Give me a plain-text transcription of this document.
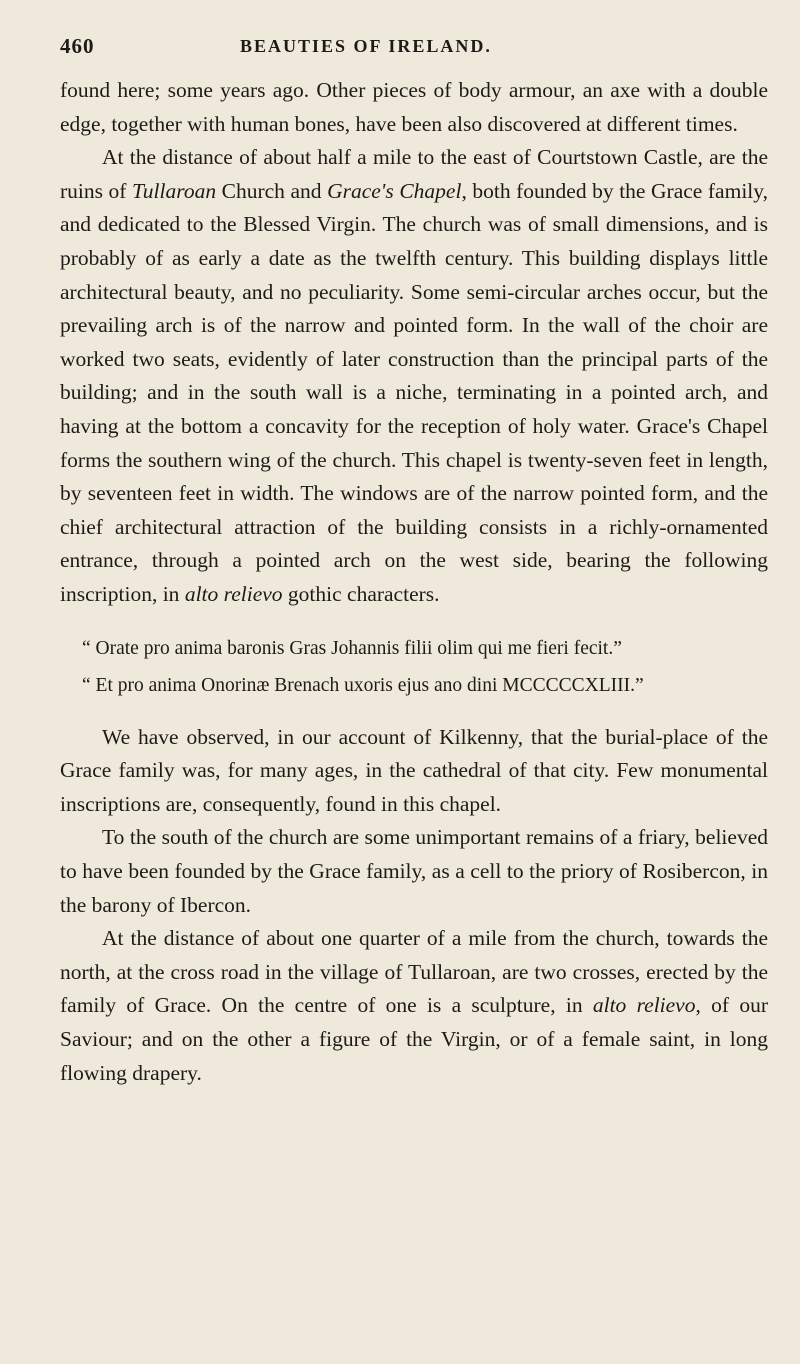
460	BEAUTIES OF IRELAND.

found here; some years ago. Other pieces of body armour, an axe with a double edge, together with human bones, have been also discovered at different times.

At the distance of about half a mile to the east of Courtstown Castle, are the ruins of Tullaroan Church and Grace's Chapel, both founded by the Grace family, and dedicated to the Blessed Virgin. The church was of small dimensions, and is probably of as early a date as the twelfth century. This building displays little architectural beauty, and no peculiarity. Some semi-circular arches occur, but the prevailing arch is of the narrow and pointed form. In the wall of the choir are worked two seats, evidently of later construction than the principal parts of the building; and in the south wall is a niche, terminating in a pointed arch, and having at the bottom a concavity for the reception of holy water. Grace's Chapel forms the southern wing of the church. This chapel is twenty-seven feet in length, by seventeen feet in width. The windows are of the narrow pointed form, and the chief architectural attraction of the building consists in a richly-ornamented entrance, through a pointed arch on the west side, bearing the following inscription, in alto relievo gothic characters.

“ Orate pro anima baronis Gras Johannis filii olim qui me fieri fecit.”

“ Et pro anima Onorinæ Brenach uxoris ejus ano dini MCCCCCXLIII.”

We have observed, in our account of Kilkenny, that the burial-place of the Grace family was, for many ages, in the cathedral of that city. Few monumental inscriptions are, consequently, found in this chapel.

To the south of the church are some unimportant remains of a friary, believed to have been founded by the Grace family, as a cell to the priory of Rosibercon, in the barony of Ibercon.

At the distance of about one quarter of a mile from the church, towards the north, at the cross road in the village of Tullaroan, are two crosses, erected by the family of Grace. On the centre of one is a sculpture, in alto relievo, of our Saviour; and on the other a figure of the Virgin, or of a female saint, in long flowing drapery.
